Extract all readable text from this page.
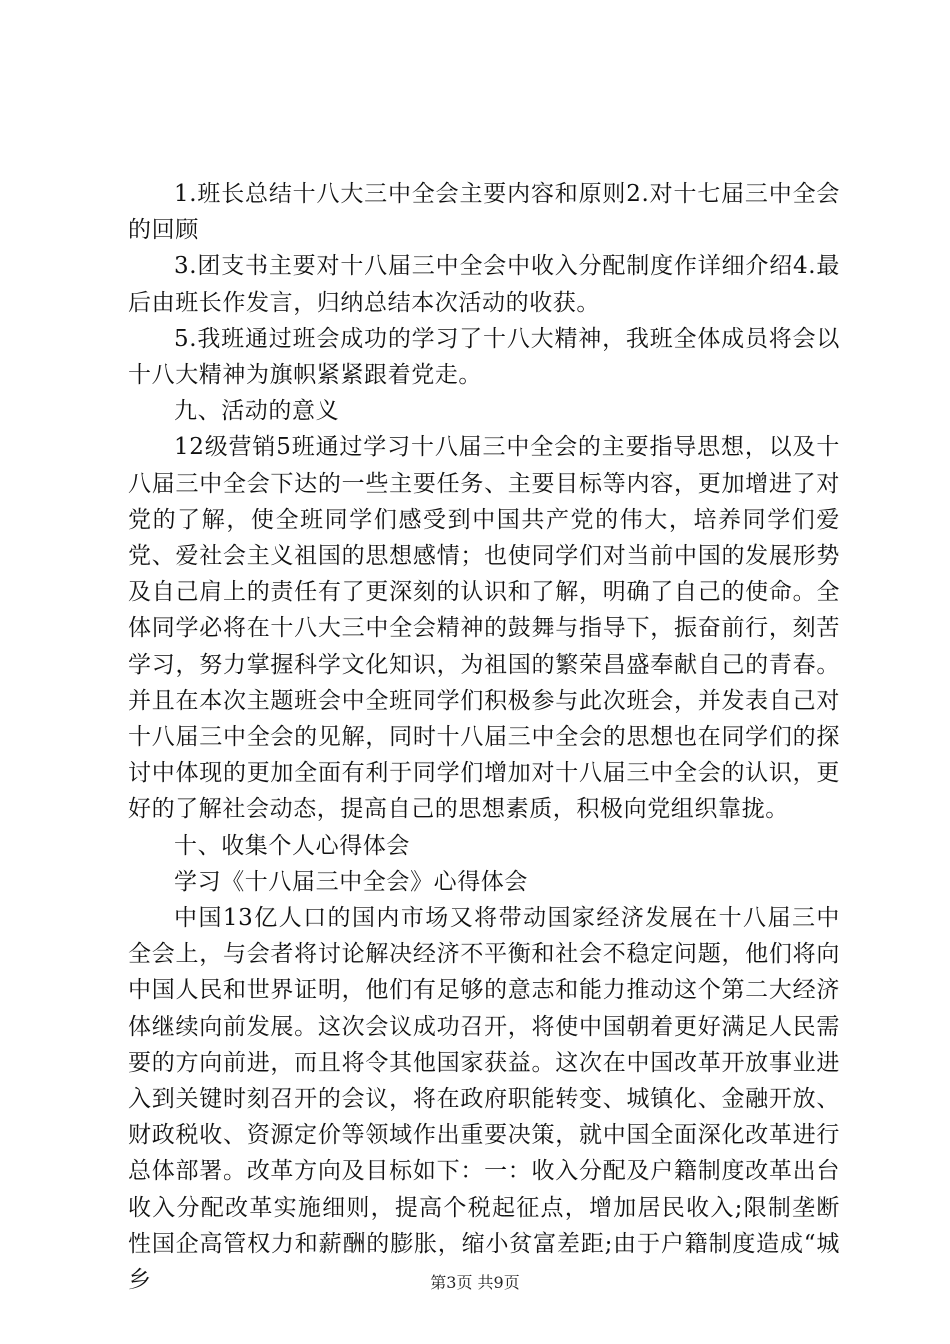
1.班长总结十八大三中全会主要内容和原则2.对十七届三中全会的回顾

3.团支书主要对十八届三中全会中收入分配制度作详细介绍4.最后由班长作发言，归纳总结本次活动的收获。

5.我班通过班会成功的学习了十八大精神，我班全体成员将会以十八大精神为旗帜紧紧跟着党走。

九、活动的意义

12级营销5班通过学习十八届三中全会的主要指导思想，以及十八届三中全会下达的一些主要任务、主要目标等内容，更加增进了对党的了解，使全班同学们感受到中国共产党的伟大，培养同学们爱党、爱社会主义祖国的思想感情；也使同学们对当前中国的发展形势及自己肩上的责任有了更深刻的认识和了解，明确了自己的使命。全体同学必将在十八大三中全会精神的鼓舞与指导下，振奋前行，刻苦学习，努力掌握科学文化知识，为祖国的繁荣昌盛奉献自己的青春。并且在本次主题班会中全班同学们积极参与此次班会，并发表自己对十八届三中全会的见解，同时十八届三中全会的思想也在同学们的探讨中体现的更加全面有利于同学们增加对十八届三中全会的认识，更好的了解社会动态，提高自己的思想素质，积极向党组织靠拢。

十、收集个人心得体会

学习《十八届三中全会》心得体会

中国13亿人口的国内市场又将带动国家经济发展在十八届三中全会上，与会者将讨论解决经济不平衡和社会不稳定问题，他们将向中国人民和世界证明，他们有足够的意志和能力推动这个第二大经济体继续向前发展。这次会议成功召开，将使中国朝着更好满足人民需要的方向前进，而且将令其他国家获益。这次在中国改革开放事业进入到关键时刻召开的会议，将在政府职能转变、城镇化、金融开放、财政税收、资源定价等领域作出重要决策，就中国全面深化改革进行总体部署。改革方向及目标如下：一：收入分配及户籍制度改革出台收入分配改革实施细则，提高个税起征点，增加居民收入;限制垄断性国企高管权力和薪酬的膨胀，缩小贫富差距;由于户籍制度造成“城乡	第3页 共9页
